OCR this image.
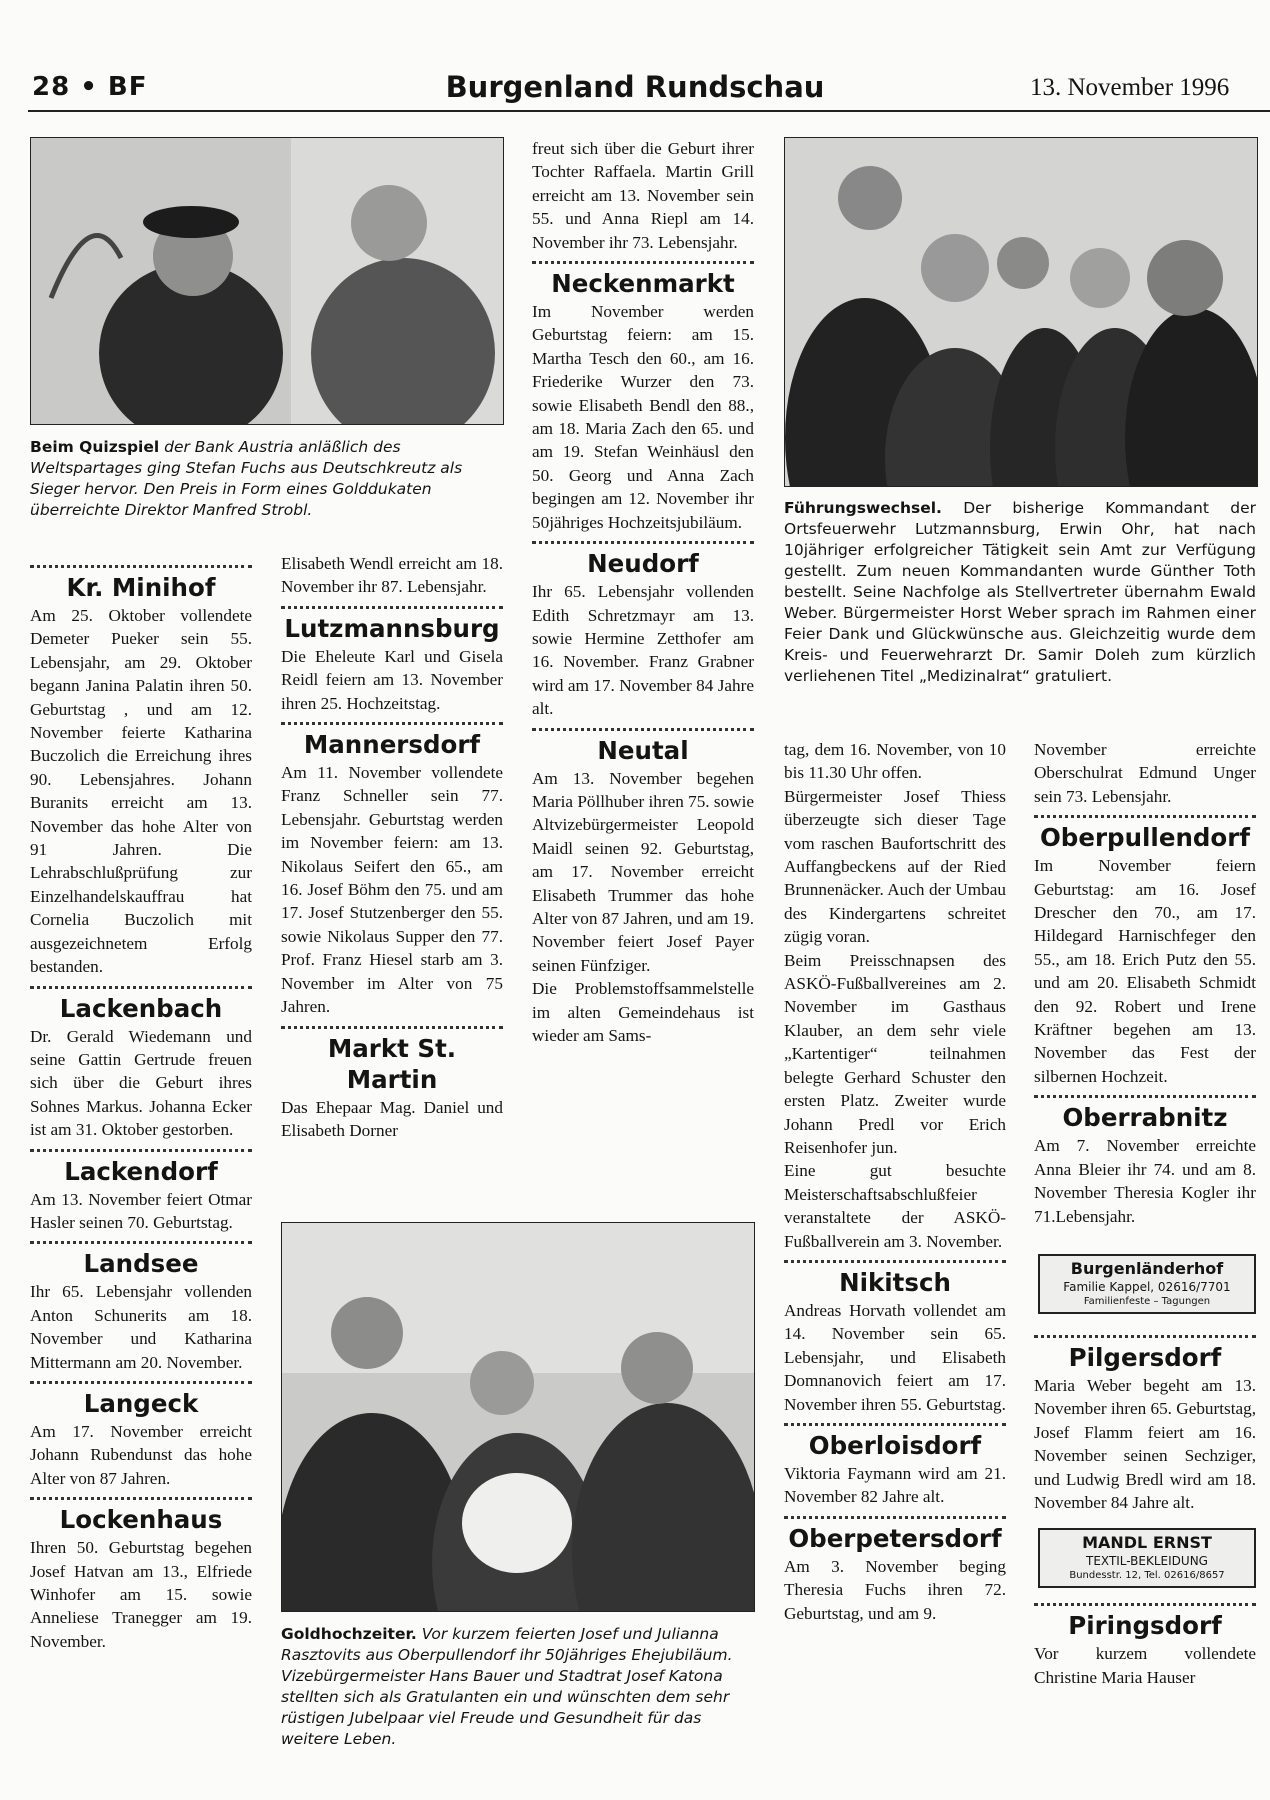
Burgenland Rundschau
28 • BF	13. November 1996
Beim Quizspiel der Bank Austria anläßlich des Weltspartages ging Stefan Fuchs aus Deutschkreutz als Sieger hervor. Den Preis in Form eines Golddukaten überreichte Direktor Manfred Strobl.
Kr. Minihof

Am 25. Oktober vollendete Demeter Pueker sein 55. Lebensjahr, am 29. Oktober begann Janina Palatin ihren 50. Geburtstag , und am 12. November feierte Katharina Buczolich die Erreichung ihres 90. Lebensjahres. Johann Buranits erreicht am 13. November das hohe Alter von 91 Jahren. Die Lehrabschlußprüfung zur Einzelhandelskauffrau hat Cornelia Buczolich mit ausgezeichnetem Erfolg bestanden.

Lackenbach

Dr. Gerald Wiedemann und seine Gattin Gertrude freuen sich über die Geburt ihres Sohnes Markus. Johanna Ecker ist am 31. Oktober gestorben.

Lackendorf

Am 13. November feiert Otmar Hasler seinen 70. Geburtstag.

Landsee

Ihr 65. Lebensjahr vollenden Anton Schunerits am 18. November und Katharina Mittermann am 20. November.

Langeck

Am 17. November erreicht Johann Rubendunst das hohe Alter von 87 Jahren.

Lockenhaus

Ihren 50. Geburtstag begehen Josef Hatvan am 13., Elfriede Winhofer am 15. sowie Anneliese Tranegger am 19. November.

Elisabeth Wendl erreicht am 18. November ihr 87. Lebensjahr.

Lutzmannsburg

Die Eheleute Karl und Gisela Reidl feiern am 13. November ihren 25. Hochzeitstag.

Mannersdorf

Am 11. November vollendete Franz Schneller sein 77. Lebensjahr. Geburtstag werden im November feiern: am 13. Nikolaus Seifert den 65., am 16. Josef Böhm den 75. und am 17. Josef Stutzenberger den 55. sowie Nikolaus Supper den 77. Prof. Franz Hiesel starb am 3. November im Alter von 75 Jahren.

Markt St. Martin

Das Ehepaar Mag. Daniel und Elisabeth Dorner

freut sich über die Geburt ihrer Tochter Raffaela. Martin Grill erreicht am 13. November sein 55. und Anna Riepl am 14. November ihr 73. Lebensjahr.

Neckenmarkt

Im November werden Geburtstag feiern: am 15. Martha Tesch den 60., am 16. Friederike Wurzer den 73. sowie Elisabeth Bendl den 88., am 18. Maria Zach den 65. und am 19. Stefan Weinhäusl den 50. Georg und Anna Zach begingen am 12. November ihr 50jähriges Hochzeitsjubiläum.

Neudorf

Ihr 65. Lebensjahr vollenden Edith Schretzmayr am 13. sowie Hermine Zetthofer am 16. November. Franz Grabner wird am 17. November 84 Jahre alt.

Neutal

Am 13. November begehen Maria Pöllhuber ihren 75. sowie Altvizebürgermeister Leopold Maidl seinen 92. Geburtstag, am 17. November erreicht Elisabeth Trummer das hohe Alter von 87 Jahren, und am 19. November feiert Josef Payer seinen Fünfziger.

Die Problemstoffsammelstelle im alten Gemeindehaus ist wieder am Sams-

Führungswechsel. Der bisherige Kommandant der Ortsfeuerwehr Lutzmannsburg, Erwin Ohr, hat nach 10jähriger erfolgreicher Tätigkeit sein Amt zur Verfügung gestellt. Zum neuen Kommandanten wurde Günther Toth bestellt. Seine Nachfolge als Stellvertreter übernahm Ewald Weber. Bürgermeister Horst Weber sprach im Rahmen einer Feier Dank und Glückwünsche aus. Gleichzeitig wurde dem Kreis- und Feuerwehrarzt Dr. Samir Doleh zum kürzlich verliehenen Titel „Medizinalrat“ gratuliert.
Goldhochzeiter. Vor kurzem feierten Josef und Julianna Rasztovits aus Oberpullendorf ihr 50jähriges Ehejubiläum. Vizebürgermeister Hans Bauer und Stadtrat Josef Katona stellten sich als Gratulanten ein und wünschten dem sehr rüstigen Jubelpaar viel Freude und Gesundheit für das weitere Leben.

tag, dem 16. November, von 10 bis 11.30 Uhr offen.

Bürgermeister Josef Thiess überzeugte sich dieser Tage vom raschen Baufortschritt des Auffangbeckens auf der Ried Brunnenäcker. Auch der Umbau des Kindergartens schreitet zügig voran.

Beim Preisschnapsen des ASKÖ-Fußballvereines am 2. November im Gasthaus Klauber, an dem sehr viele „Kartentiger“ teilnahmen belegte Gerhard Schuster den ersten Platz. Zweiter wurde Johann Predl vor Erich Reisenhofer jun.

Eine gut besuchte Meisterschaftsabschlußfeier veranstaltete der ASKÖ-Fußballverein am 3. November.

Nikitsch

Andreas Horvath vollendet am 14. November sein 65. Lebensjahr, und Elisabeth Domnanovich feiert am 17. November ihren 55. Geburtstag.

Oberloisdorf

Viktoria Faymann wird am 21. November 82 Jahre alt.

Oberpetersdorf

Am 3. November beging Theresia Fuchs ihren 72. Geburtstag, und am 9.

November erreichte Oberschulrat Edmund Unger sein 73. Lebensjahr.

Oberpullendorf

Im November feiern Geburtstag: am 16. Josef Drescher den 70., am 17. Hildegard Harnischfeger den 55., am 18. Erich Putz den 55. und am 20. Elisabeth Schmidt den 92. Robert und Irene Kräftner begehen am 13. November das Fest der silbernen Hochzeit.

Oberrabnitz

Am 7. November erreichte Anna Bleier ihr 74. und am 8. November Theresia Kogler ihr 71.Lebensjahr.

Burgenländerhof
Familie Kappel, 02616/7701
Familienfeste – Tagungen
Pilgersdorf

Maria Weber begeht am 13. November ihren 65. Geburtstag, Josef Flamm feiert am 16. November seinen Sechziger, und Ludwig Bredl wird am 18. November 84 Jahre alt.

MANDL ERNST
TEXTIL-BEKLEIDUNG
Bundesstr. 12, Tel. 02616/8657
Piringsdorf

Vor kurzem vollendete Christine Maria Hauser
